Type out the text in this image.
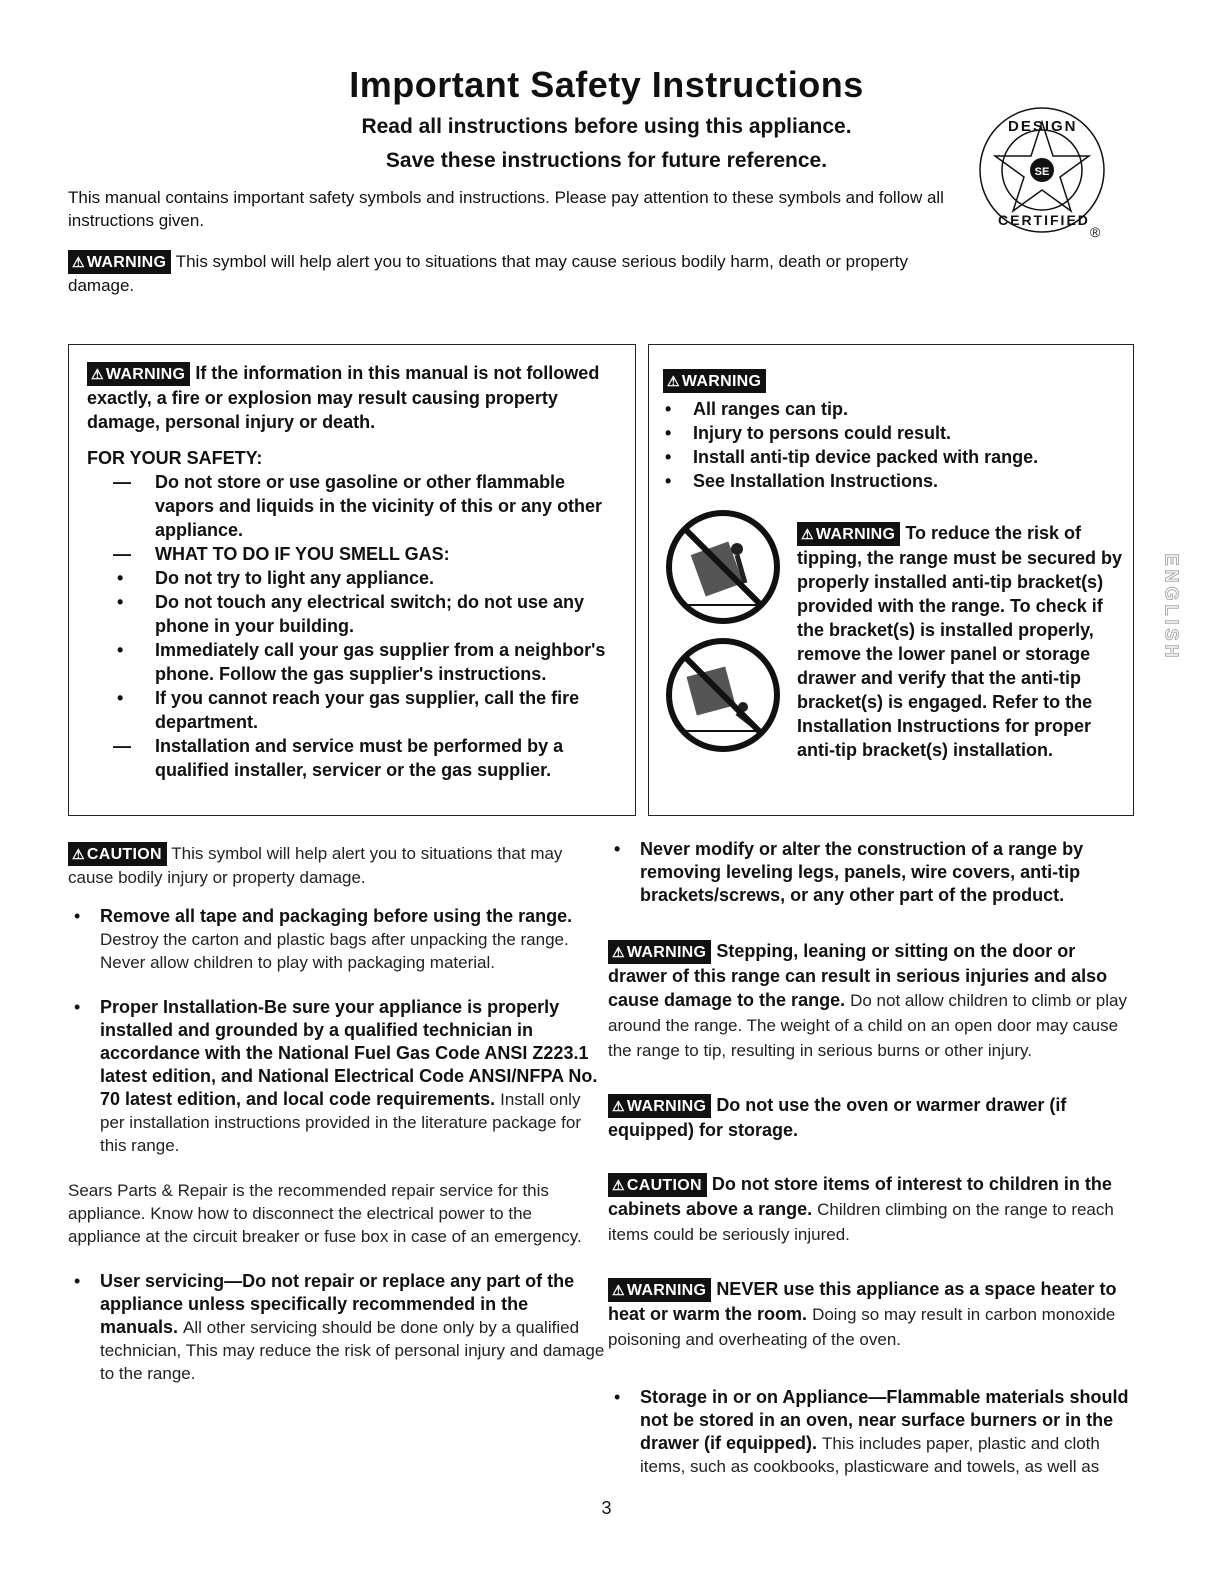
Important Safety Instructions

Read all instructions before using this appliance.

Save these instructions for future reference.	SE
DESIGN
CERTIFIED
®
This manual contains important safety symbols and instructions. Please pay attention to these symbols and follow all instructions given.
⚠ WARNING This symbol will help alert you to situations that may cause serious bodily harm, death or property damage.

⚠ WARNING If the information in this manual is not followed exactly, a fire or explosion may result causing property damage, personal injury or death.

FOR YOUR SAFETY:

— Do not store or use gasoline or other flammable vapors and liquids in the vicinity of this or any other appliance.
— WHAT TO DO IF YOU SMELL GAS:
• Do not try to light any appliance.
• Do not touch any electrical switch; do not use any phone in your building.
• Immediately call your gas supplier from a neighbor's phone. Follow the gas supplier's instructions.
• If you cannot reach your gas supplier, call the fire department.
— Installation and service must be performed by a qualified installer, servicer or the gas supplier.
⚠ WARNING
• All ranges can tip.
• Injury to persons could result.
• Install anti-tip device packed with range.
• See Installation Instructions.
⚠ WARNING To reduce the risk of tipping, the range must be secured by properly installed anti-tip bracket(s) provided with the range. To check if the bracket(s) is installed properly, remove the lower panel or storage drawer and verify that the anti-tip bracket(s) is engaged. Refer to the Installation Instructions for proper anti-tip bracket(s) installation.
ENGLISH
⚠ CAUTION This symbol will help alert you to situations that may cause bodily injury or property damage.
• Remove all tape and packaging before using the range. Destroy the carton and plastic bags after unpacking the range. Never allow children to play with packaging material.
• Proper Installation-Be sure your appliance is properly installed and grounded by a qualified technician in accordance with the National Fuel Gas Code ANSI Z223.1 latest edition, and National Electrical Code ANSI/NFPA No. 70 latest edition, and local code requirements. Install only per installation instructions provided in the literature package for this range.
Sears Parts & Repair is the recommended repair service for this appliance. Know how to disconnect the electrical power to the appliance at the circuit breaker or fuse box in case of an emergency.
• User servicing—Do not repair or replace any part of the appliance unless specifically recommended in the manuals. All other servicing should be done only by a qualified technician, This may reduce the risk of personal injury and damage to the range.
• Never modify or alter the construction of a range by removing leveling legs, panels, wire covers, anti-tip brackets/screws, or any other part of the product.
⚠ WARNING Stepping, leaning or sitting on the door or drawer of this range can result in serious injuries and also cause damage to the range. Do not allow children to climb or play around the range. The weight of a child on an open door may cause the range to tip, resulting in serious burns or other injury.
⚠ WARNING Do not use the oven or warmer drawer (if equipped) for storage.
⚠ CAUTION Do not store items of interest to children in the cabinets above a range. Children climbing on the range to reach items could be seriously injured.
⚠ WARNING NEVER use this appliance as a space heater to heat or warm the room. Doing so may result in carbon monoxide poisoning and overheating of the oven.
• Storage in or on Appliance—Flammable materials should not be stored in an oven, near surface burners or in the drawer (if equipped). This includes paper, plastic and cloth items, such as cookbooks, plasticware and towels, as well as
3
